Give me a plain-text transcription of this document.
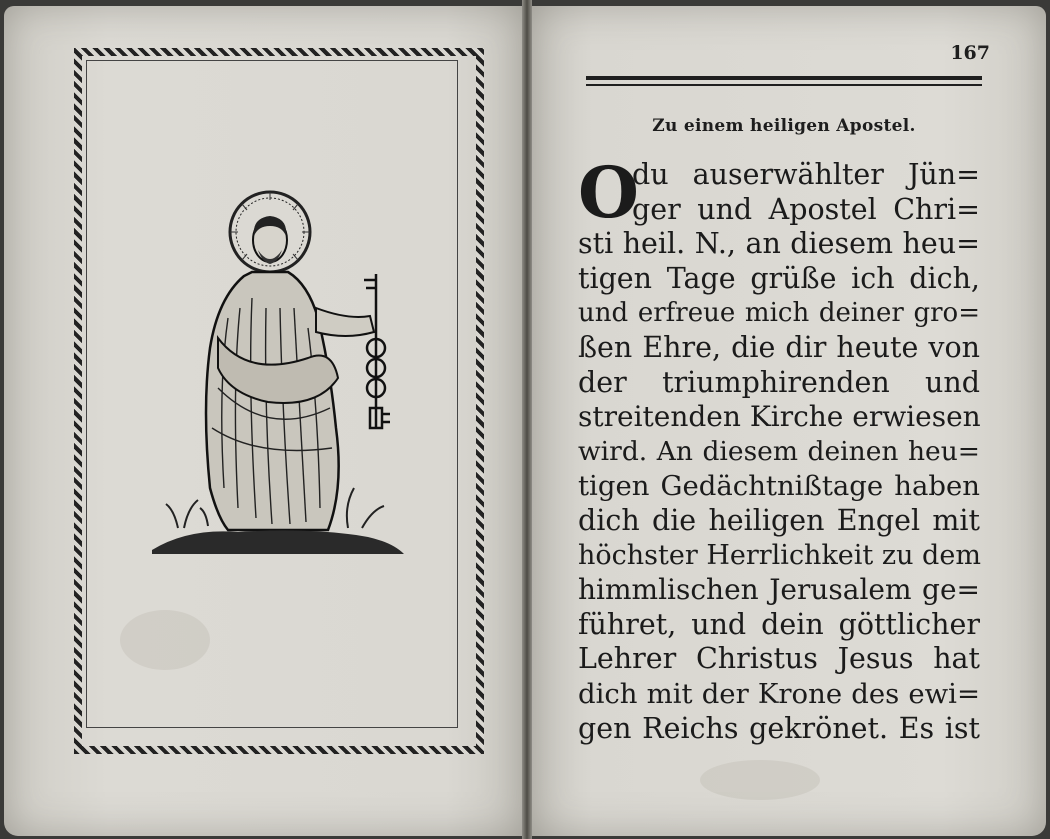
167
Zu einem heiligen Apostel.
O
du auserwählter Jün=
ger und Apostel Chri=
sti heil. N., an diesem heu=
tigen Tage grüße ich dich,
und erfreue mich deiner gro=
ßen Ehre, die dir heute von
der triumphirenden und
streitenden Kirche erwiesen
wird. An diesem deinen heu=
tigen Gedächtnißtage haben
dich die heiligen Engel mit
höchster Herrlichkeit zu dem
himmlischen Jerusalem ge=
führet, und dein göttlicher
Lehrer Christus Jesus hat
dich mit der Krone des ewi=
gen Reichs gekrönet. Es ist
